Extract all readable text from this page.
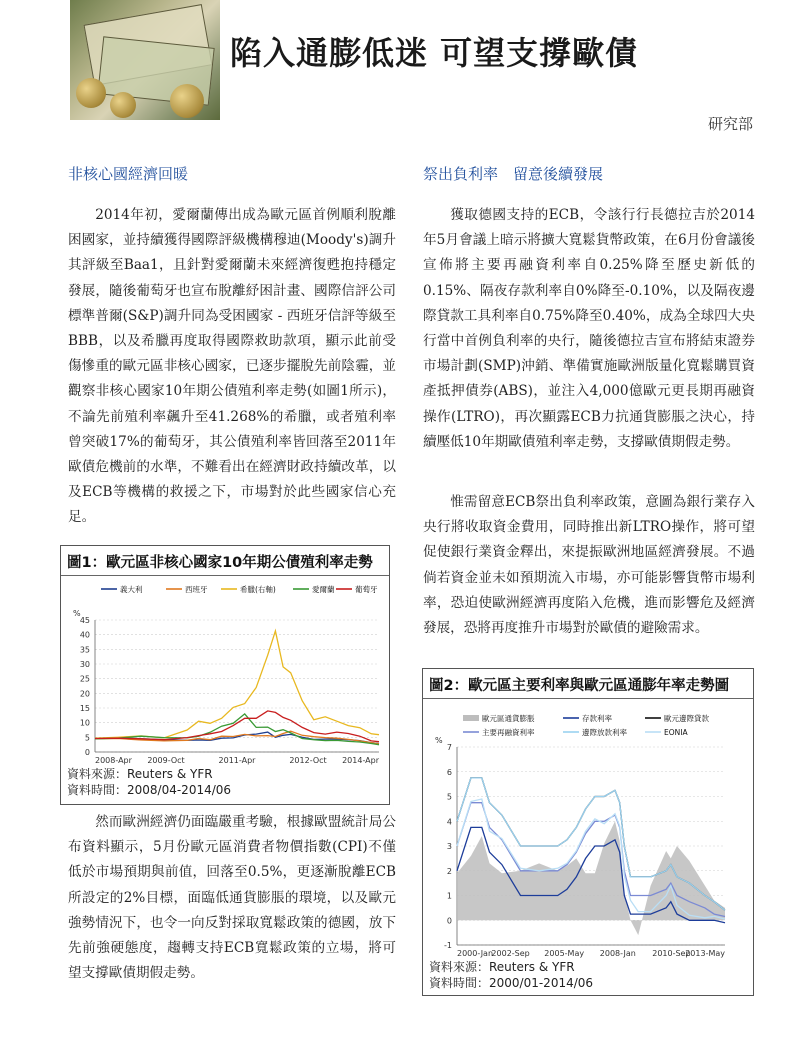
陷入通膨低迷 可望支撐歐債
研究部
非核心國經濟回暖

2014年初，愛爾蘭傳出成為歐元區首例順利脫離困國家，並持續獲得國際評級機構穆迪(Moody's)調升其評級至Baa1，且針對愛爾蘭未來經濟復甦抱持穩定發展，隨後葡萄牙也宣布脫離紓困計畫、國際信評公司標準普爾(S&P)調升同為受困國家 - 西班牙信評等級至BBB，以及希臘再度取得國際救助款項，顯示此前受傷慘重的歐元區非核心國家，已逐步擺脫先前陰霾，並觀察非核心國家10年期公債殖利率走勢(如圖1所示)，不論先前殖利率飆升至41.268%的希臘，或者殖利率曾突破17%的葡萄牙，其公債殖利率皆回落至2011年歐債危機前的水準，不難看出在經濟財政持續改革，以及ECB等機構的救援之下，市場對於此些國家信心充足。

圖1：歐元區非核心國家10年期公債殖利率走勢
%
0
5
10
15
20
25
30
35
40
45
2008-Apr 2009-Oct	2011-Apr	2012-Oct 2014-Apr
義大利	西班牙	希臘(右軸)	愛爾蘭	葡萄牙
資料來源：Reuters & YFR
資料時間：2008/04-2014/06

然而歐洲經濟仍面臨嚴重考驗，根據歐盟統計局公布資料顯示，5月份歐元區消費者物價指數(CPI)不僅低於市場預期與前值，回落至0.5%，更逐漸脫離ECB所設定的2%目標，面臨低通貨膨脹的環境，以及歐元強勢情況下，也令一向反對採取寬鬆政策的德國，放下先前強硬態度，趨轉支持ECB寬鬆政策的立場，將可望支撐歐債期假走勢。

祭出負利率　留意後續發展

獲取德國支持的ECB，令該行行長德拉吉於2014年5月會議上暗示將擴大寬鬆貨幣政策，在6月份會議後宣佈將主要再融資利率自0.25%降至歷史新低的0.15%、隔夜存款利率自0%降至-0.10%，以及隔夜邊際貸款工具利率自0.75%降至0.40%，成為全球四大央行當中首例負利率的央行，隨後德拉吉宣布將結束證券市場計劃(SMP)沖銷、準備實施歐洲版量化寬鬆購買資產抵押債券(ABS)，並注入4,000億歐元更長期再融資操作(LTRO)，再次顯露ECB力抗通貨膨脹之決心，持續壓低10年期歐債殖利率走勢，支撐歐債期假走勢。

惟需留意ECB祭出負利率政策，意圖為銀行業存入央行將收取資金費用，同時推出新LTRO操作，將可望促使銀行業資金釋出，來提振歐洲地區經濟發展。不過倘若資金並未如預期流入市場，亦可能影響貨幣市場利率，恐迫使歐洲經濟再度陷入危機，進而影響危及經濟發展，恐將再度推升市場對於歐債的避險需求。

圖2：歐元區主要利率與歐元區通膨年率走勢圖
%
-1
0
1
2
3
4
5
6
7
2000-Jan
2002-Sep 2005-May 2008-Jan 2010-Sep
2013-May
歐元區通貨膨脹	存款利率	歐元邊際貸款
主要再融資利率	邊際放款利率	EONIA
資料來源：Reuters & YFR
資料時間：2000/01-2014/06
